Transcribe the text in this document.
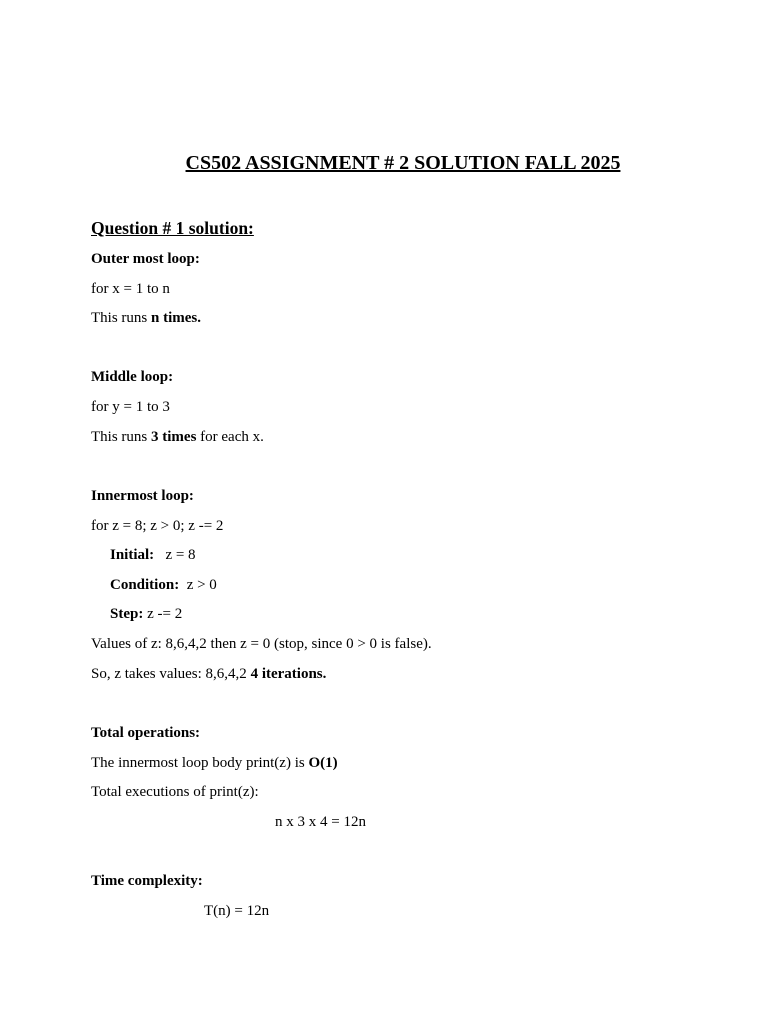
CS502 ASSIGNMENT # 2 SOLUTION FALL 2025
Question # 1 solution:
Outer most loop:
for x = 1 to n
This runs n times.
Middle loop:
for y = 1 to 3
This runs 3 times for each x.
Innermost loop:
for z = 8; z > 0; z -= 2
Initial:   z = 8
Condition:  z > 0
Step: z -= 2
Values of z: 8,6,4,2 then z = 0 (stop, since 0 > 0 is false).
So, z takes values: 8,6,4,2 4 iterations.
Total operations:
The innermost loop body print(z) is O(1)
Total executions of print(z):
n x 3 x 4 = 12n
Time complexity:
T(n) = 12n
